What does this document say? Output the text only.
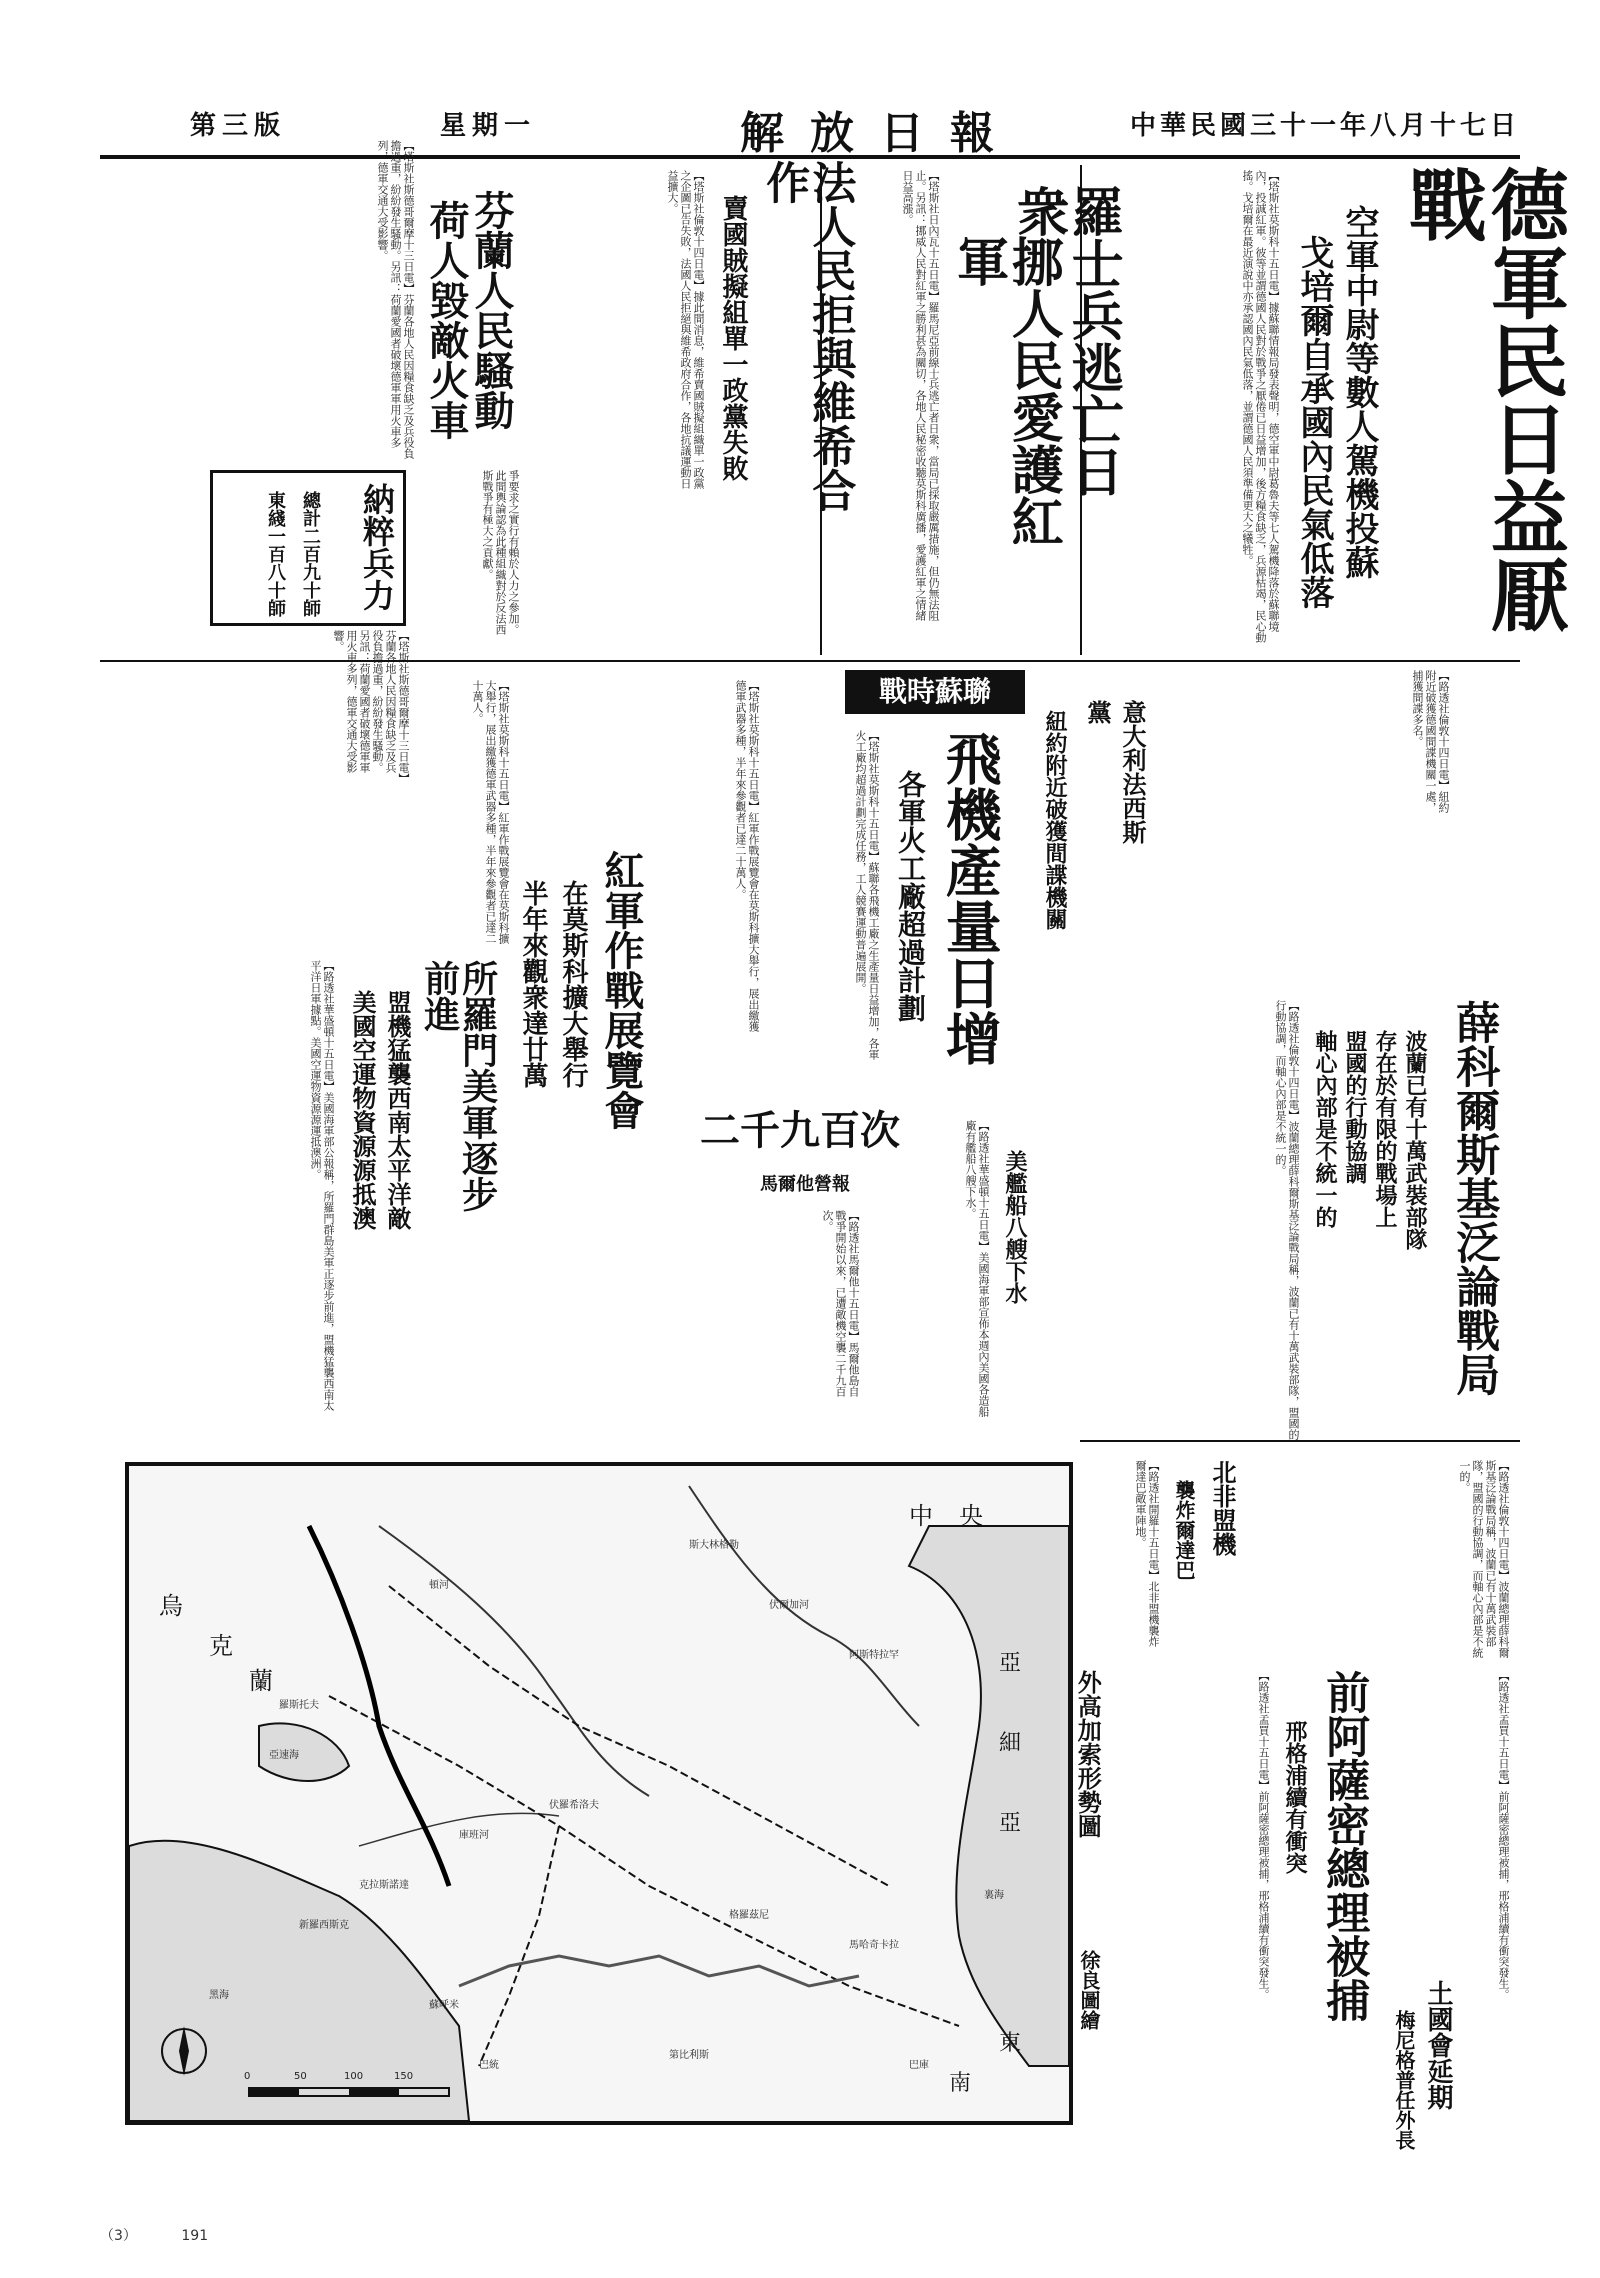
第三版	星期一	解放日報	中華民國三十一年八月十七日
德軍民日益厭戰
空軍中尉等數人駕機投蘇
戈培爾自承國內民氣低落
【塔斯社莫斯科十五日電】據蘇聯情報局發表聲明，德空軍中尉葛魯夫等七人駕機降落於蘇聯境內，投誠紅軍。彼等並謂德國人民對於戰爭之厭倦已日益增加，後方糧食缺乏，兵源枯竭，民心動搖。戈培爾在最近演說中亦承認國內民氣低落，並謂德國人民須準備更大之犧牲。
羅士兵逃亡日衆
挪人民愛護紅軍
【塔斯社日內瓦十五日電】羅馬尼亞前線士兵逃亡者日衆，當局已採取嚴厲措施，但仍無法阻止。另訊：挪威人民對紅軍之勝利甚為關切，各地人民秘密收聽莫斯科廣播，愛護紅軍之情緒日益高漲。
法人民拒與維希合作
賣國賊擬組單一政黨失敗
【塔斯社倫敦十四日電】據此間消息，維希賣國賊擬組織單一政黨之企圖已告失敗，法國人民拒絕與維希政府合作，各地抗議運動日益擴大。
爭要求之實行有賴於人力之參加。此間輿論認為此種組織對於反法西斯戰爭有極大之貢獻。
芬蘭人民騷動
荷人毀敵火車
【塔斯社斯德哥爾摩十三日電】芬蘭各地人民因糧食缺乏及兵役負擔過重，紛紛發生騷動。另訊：荷蘭愛國者破壞德軍軍用火車多列，德軍交通大受影響。
納粹兵力
總計二百九十師
東綫一百八十師
【塔斯社斯德哥爾摩十三日電】芬蘭各地人民因糧食缺乏及兵役負擔過重，紛紛發生騷動。另訊：荷蘭愛國者破壞德軍軍用火車多列，德軍交通大受影響。
戰時蘇聯
飛機產量日增
各軍火工廠超過計劃
【塔斯社莫斯科十五日電】蘇聯各飛機工廠之生產量日益增加，各軍火工廠均超過計劃完成任務，工人競賽運動普遍展開。	意大利法西斯黨
紐約附近破獲間諜機關	【路透社倫敦十四日電】紐約附近破獲德國間諜機關一處，捕獲間諜多名。
紅軍作戰展覽會
在莫斯科擴大舉行
半年來觀衆達廿萬	【塔斯社莫斯科十五日電】紅軍作戰展覽會在莫斯科擴大舉行，展出繳獲德軍武器多種，半年來參觀者已達二十萬人。
所羅門美軍逐步前進
盟機猛襲西南太平洋敵
美國空運物資源源抵澳
【路透社華盛頓十五日電】美國海軍部公報稱，所羅門群島美軍正逐步前進，盟機猛襲西南太平洋日軍據點。美國空運物資源源運抵澳洲。
【塔斯社莫斯科十五日電】紅軍作戰展覽會在莫斯科擴大舉行，展出繳獲德軍武器多種，半年來參觀者已達二十萬人。
二千九百次
馬爾他營報
【路透社馬爾他十五日電】馬爾他島自戰爭開始以來，已遭敵機空襲二千九百次。	美艦船八艘下水
【路透社華盛頓十五日電】美國海軍部宣佈本週內美國各造船廠有艦船八艘下水。	薛科爾斯基泛論戰局
波蘭已有十萬武裝部隊
存在於有限的戰場上
盟國的行動協調
軸心內部是不統一的
【路透社倫敦十四日電】波蘭總理薛科爾斯基泛論戰局稱，波蘭已有十萬武裝部隊，盟國的行動協調，而軸心內部是不統一的。
北非盟機
襲炸爾達巴
【路透社開羅十五日電】北非盟機襲炸爾達巴敵軍陣地。	【路透社倫敦十四日電】波蘭總理薛科爾斯基泛論戰局稱，波蘭已有十萬武裝部隊，盟國的行動協調，而軸心內部是不統一的。
前阿薩密總理被捕
邢格浦續有衝突
土國會延期
梅尼格普任外長
【路透社孟買十五日電】前阿薩密總理被捕，邢格浦續有衝突發生。	【路透社孟買十五日電】前阿薩密總理被捕，邢格浦續有衝突發生。
外高加索形勢圖
徐良圖繪
中 央
亞
細
亞
烏
克
蘭
東
南
羅斯托夫
斯大林格勒
克拉斯諾達
新羅西斯克
伏羅希洛夫
阿斯特拉罕
格羅茲尼
馬哈奇卡拉
巴庫
第比利斯
巴統
蘇呼米
庫班河
頓河
伏爾加河
裏海
黑海
亞速海
0	50	100	150
（3）	191
